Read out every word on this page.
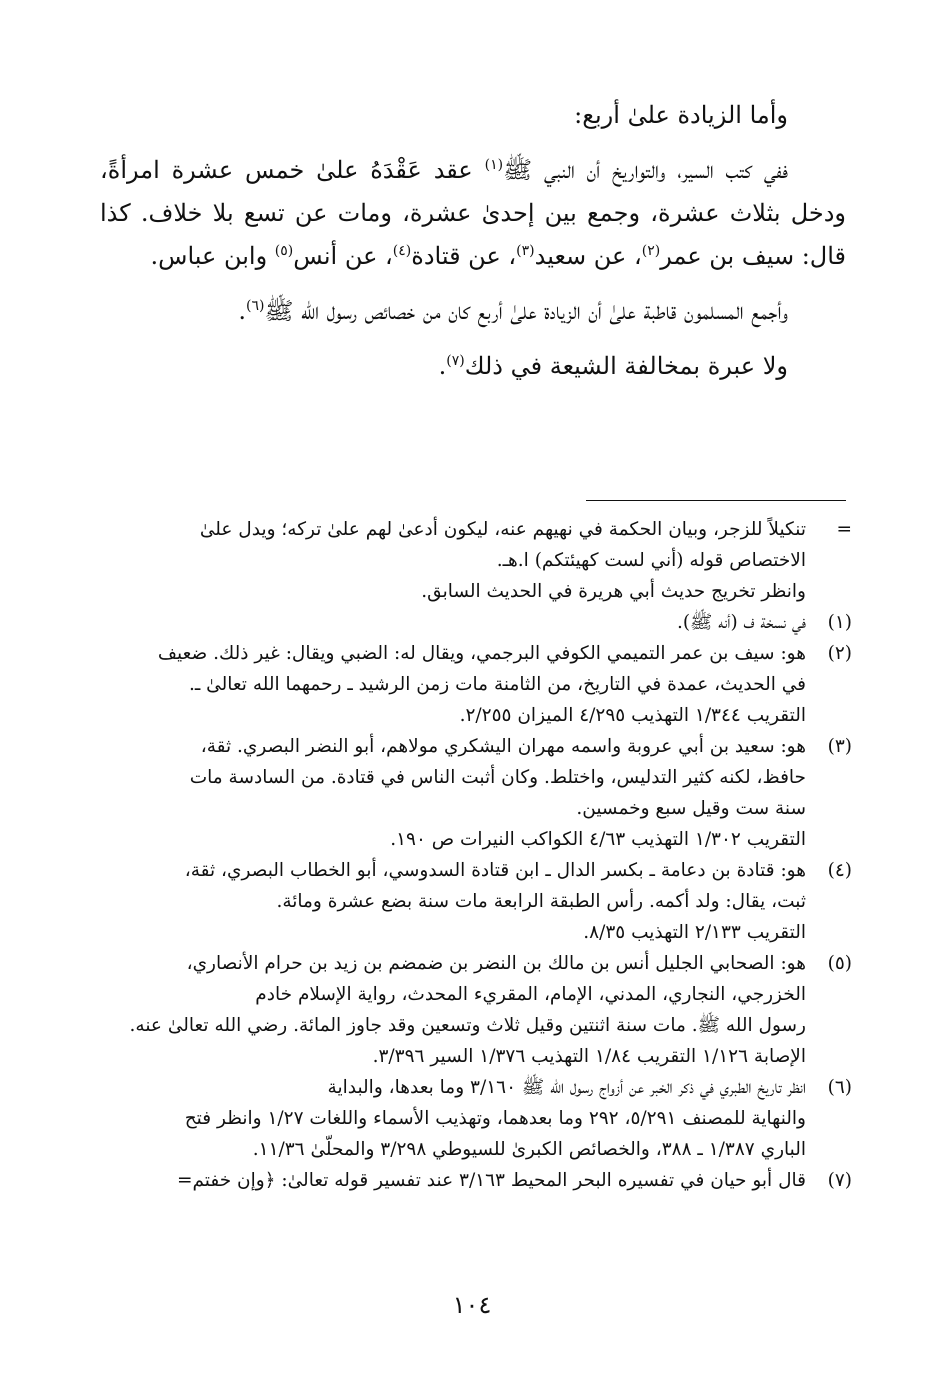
وأما الزيادة علىٰ أربع:

ففي كتب السير، والتواريخ أن النبي ﷺ$^{(١)}$ عقد عَقْدَهُ علىٰ خمس عشرة امرأةً، ودخل بثلاث عشرة، وجمع بين إحدىٰ عشرة، ومات عن تسع بلا خلاف. كذا قال: سيف بن عمر$^{(٢)}$، عن سعيد$^{(٣)}$، عن قتادة$^{(٤)}$، عن أنس$^{(٥)}$ وابن عباس.

وأجمع المسلمون قاطبة علىٰ أن الزيادة علىٰ أربع كان من خصائص رسول الله ﷺ$^{(٦)}$.

ولا عبرة بمخالفة الشيعة في ذلك$^{(٧)}$.

=
تنكيلاً للزجر، وبيان الحكمة في نهيهم عنه، ليكون أدعىٰ لهم علىٰ تركه؛ ويدل علىٰ
الاختصاص قوله (أني لست كهيئتكم) ا.هـ.
وانظر تخريج حديث أبي هريرة في الحديث السابق.
(١)
في نسخة ف (أنه ﷺ).
(٢)
هو: سيف بن عمر التميمي الكوفي البرجمي، ويقال له: الضبي ويقال: غير ذلك. ضعيف
في الحديث، عمدة في التاريخ، من الثامنة مات زمن الرشيد ـ رحمهما الله تعالىٰ ـ.
التقريب ١/٣٤٤ التهذيب ٤/٢٩٥ الميزان ٢/٢٥٥.
(٣)
هو: سعيد بن أبي عروبة واسمه مهران اليشكري مولاهم، أبو النضر البصري. ثقة،
حافظ، لكنه كثير التدليس، واختلط. وكان أثبت الناس في قتادة. من السادسة مات
سنة ست وقيل سبع وخمسين.
التقريب ١/٣٠٢ التهذيب ٤/٦٣ الكواكب النيرات ص ١٩٠.
(٤)
هو: قتادة بن دعامة ـ بكسر الدال ـ ابن قتادة السدوسي، أبو الخطاب البصري، ثقة،
ثبت، يقال: ولد أكمه. رأس الطبقة الرابعة مات سنة بضع عشرة ومائة.
التقريب ٢/١٣٣ التهذيب ٨/٣٥.
(٥)
هو: الصحابي الجليل أنس بن مالك بن النضر بن ضمضم بن زيد بن حرام الأنصاري،
الخزرجي، النجاري، المدني، الإمام، المقريء المحدث، رواية الإسلام خادم
رسول الله ﷺ. مات سنة اثنتين وقيل ثلاث وتسعين وقد جاوز المائة. رضي الله تعالىٰ عنه.
الإصابة ١/١٢٦ التقريب ١/٨٤ التهذيب ١/٣٧٦ السير ٣/٣٩٦.
(٦)
انظر تاريخ الطبري في ذكر الخبر عن أزواج رسول الله ﷺ ٣/١٦٠ وما بعدها، والبداية
والنهاية للمصنف ٥/٢٩١، ٢٩٢ وما بعدهما، وتهذيب الأسماء واللغات ١/٢٧ وانظر فتح
الباري ١/٣٨٧ ـ ٣٨٨، والخصائص الكبرىٰ للسيوطي ٣/٢٩٨ والمحلّىٰ ١١/٣٦.
(٧)
قال أبو حيان في تفسيره البحر المحيط ٣/١٦٣ عند تفسير قوله تعالىٰ: ﴿وإن خفتم=
١٠٤
